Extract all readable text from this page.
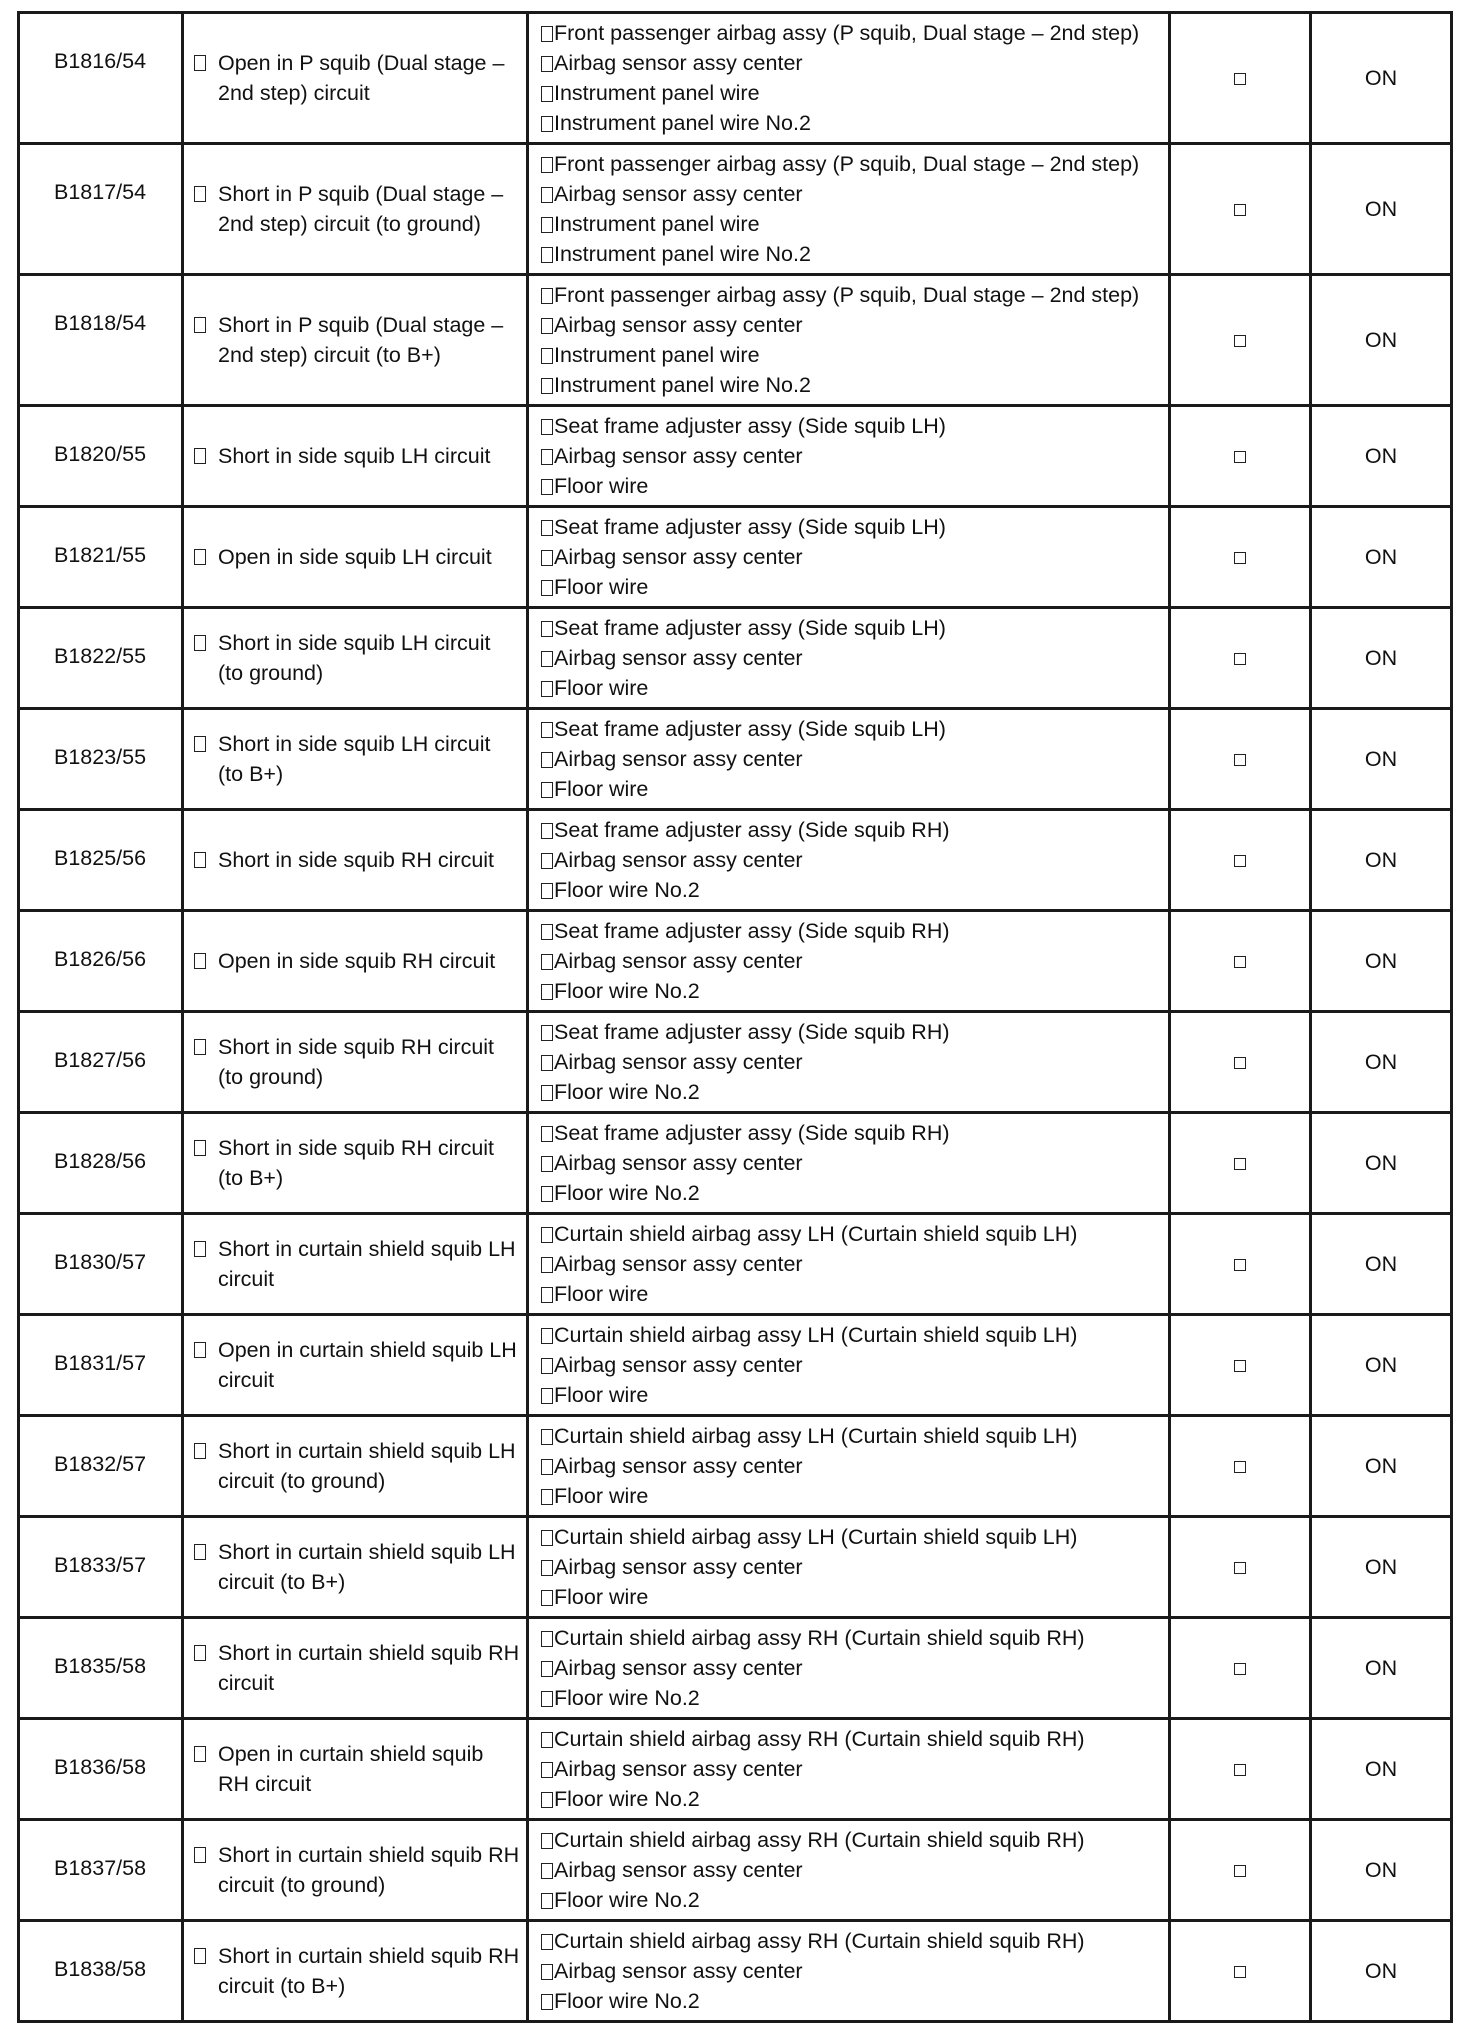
B1816/54	Open in P squib (Dual stage – 2nd step) circuit	Front passenger airbag assy (P squib, Dual stage – 2nd step)
Airbag sensor assy center
Instrument panel wire
Instrument panel wire No.2		ON
B1817/54	Short in P squib (Dual stage – 2nd step) circuit (to ground)	Front passenger airbag assy (P squib, Dual stage – 2nd step)
Airbag sensor assy center
Instrument panel wire
Instrument panel wire No.2		ON
B1818/54	Short in P squib (Dual stage – 2nd step) circuit (to B+)	Front passenger airbag assy (P squib, Dual stage – 2nd step)
Airbag sensor assy center
Instrument panel wire
Instrument panel wire No.2		ON
B1820/55	Short in side squib LH circuit	Seat frame adjuster assy (Side squib LH)
Airbag sensor assy center
Floor wire		ON
B1821/55	Open in side squib LH circuit	Seat frame adjuster assy (Side squib LH)
Airbag sensor assy center
Floor wire		ON
B1822/55	Short in side squib LH circuit (to ground)	Seat frame adjuster assy (Side squib LH)
Airbag sensor assy center
Floor wire		ON
B1823/55	Short in side squib LH circuit (to B+)	Seat frame adjuster assy (Side squib LH)
Airbag sensor assy center
Floor wire		ON
B1825/56	Short in side squib RH circuit	Seat frame adjuster assy (Side squib RH)
Airbag sensor assy center
Floor wire No.2		ON
B1826/56	Open in side squib RH circuit	Seat frame adjuster assy (Side squib RH)
Airbag sensor assy center
Floor wire No.2		ON
B1827/56	Short in side squib RH circuit (to ground)	Seat frame adjuster assy (Side squib RH)
Airbag sensor assy center
Floor wire No.2		ON
B1828/56	Short in side squib RH circuit (to B+)	Seat frame adjuster assy (Side squib RH)
Airbag sensor assy center
Floor wire No.2		ON
B1830/57	Short in curtain shield squib LH circuit	Curtain shield airbag assy LH (Curtain shield squib LH)
Airbag sensor assy center
Floor wire		ON
B1831/57	Open in curtain shield squib LH circuit	Curtain shield airbag assy LH (Curtain shield squib LH)
Airbag sensor assy center
Floor wire		ON
B1832/57	Short in curtain shield squib LH circuit (to ground)	Curtain shield airbag assy LH (Curtain shield squib LH)
Airbag sensor assy center
Floor wire		ON
B1833/57	Short in curtain shield squib LH circuit (to B+)	Curtain shield airbag assy LH (Curtain shield squib LH)
Airbag sensor assy center
Floor wire		ON
B1835/58	Short in curtain shield squib RH circuit	Curtain shield airbag assy RH (Curtain shield squib RH)
Airbag sensor assy center
Floor wire No.2		ON
B1836/58	Open in curtain shield squib RH circuit	Curtain shield airbag assy RH (Curtain shield squib RH)
Airbag sensor assy center
Floor wire No.2		ON
B1837/58	Short in curtain shield squib RH circuit (to ground)	Curtain shield airbag assy RH (Curtain shield squib RH)
Airbag sensor assy center
Floor wire No.2		ON
B1838/58	Short in curtain shield squib RH circuit (to B+)	Curtain shield airbag assy RH (Curtain shield squib RH)
Airbag sensor assy center
Floor wire No.2		ON
